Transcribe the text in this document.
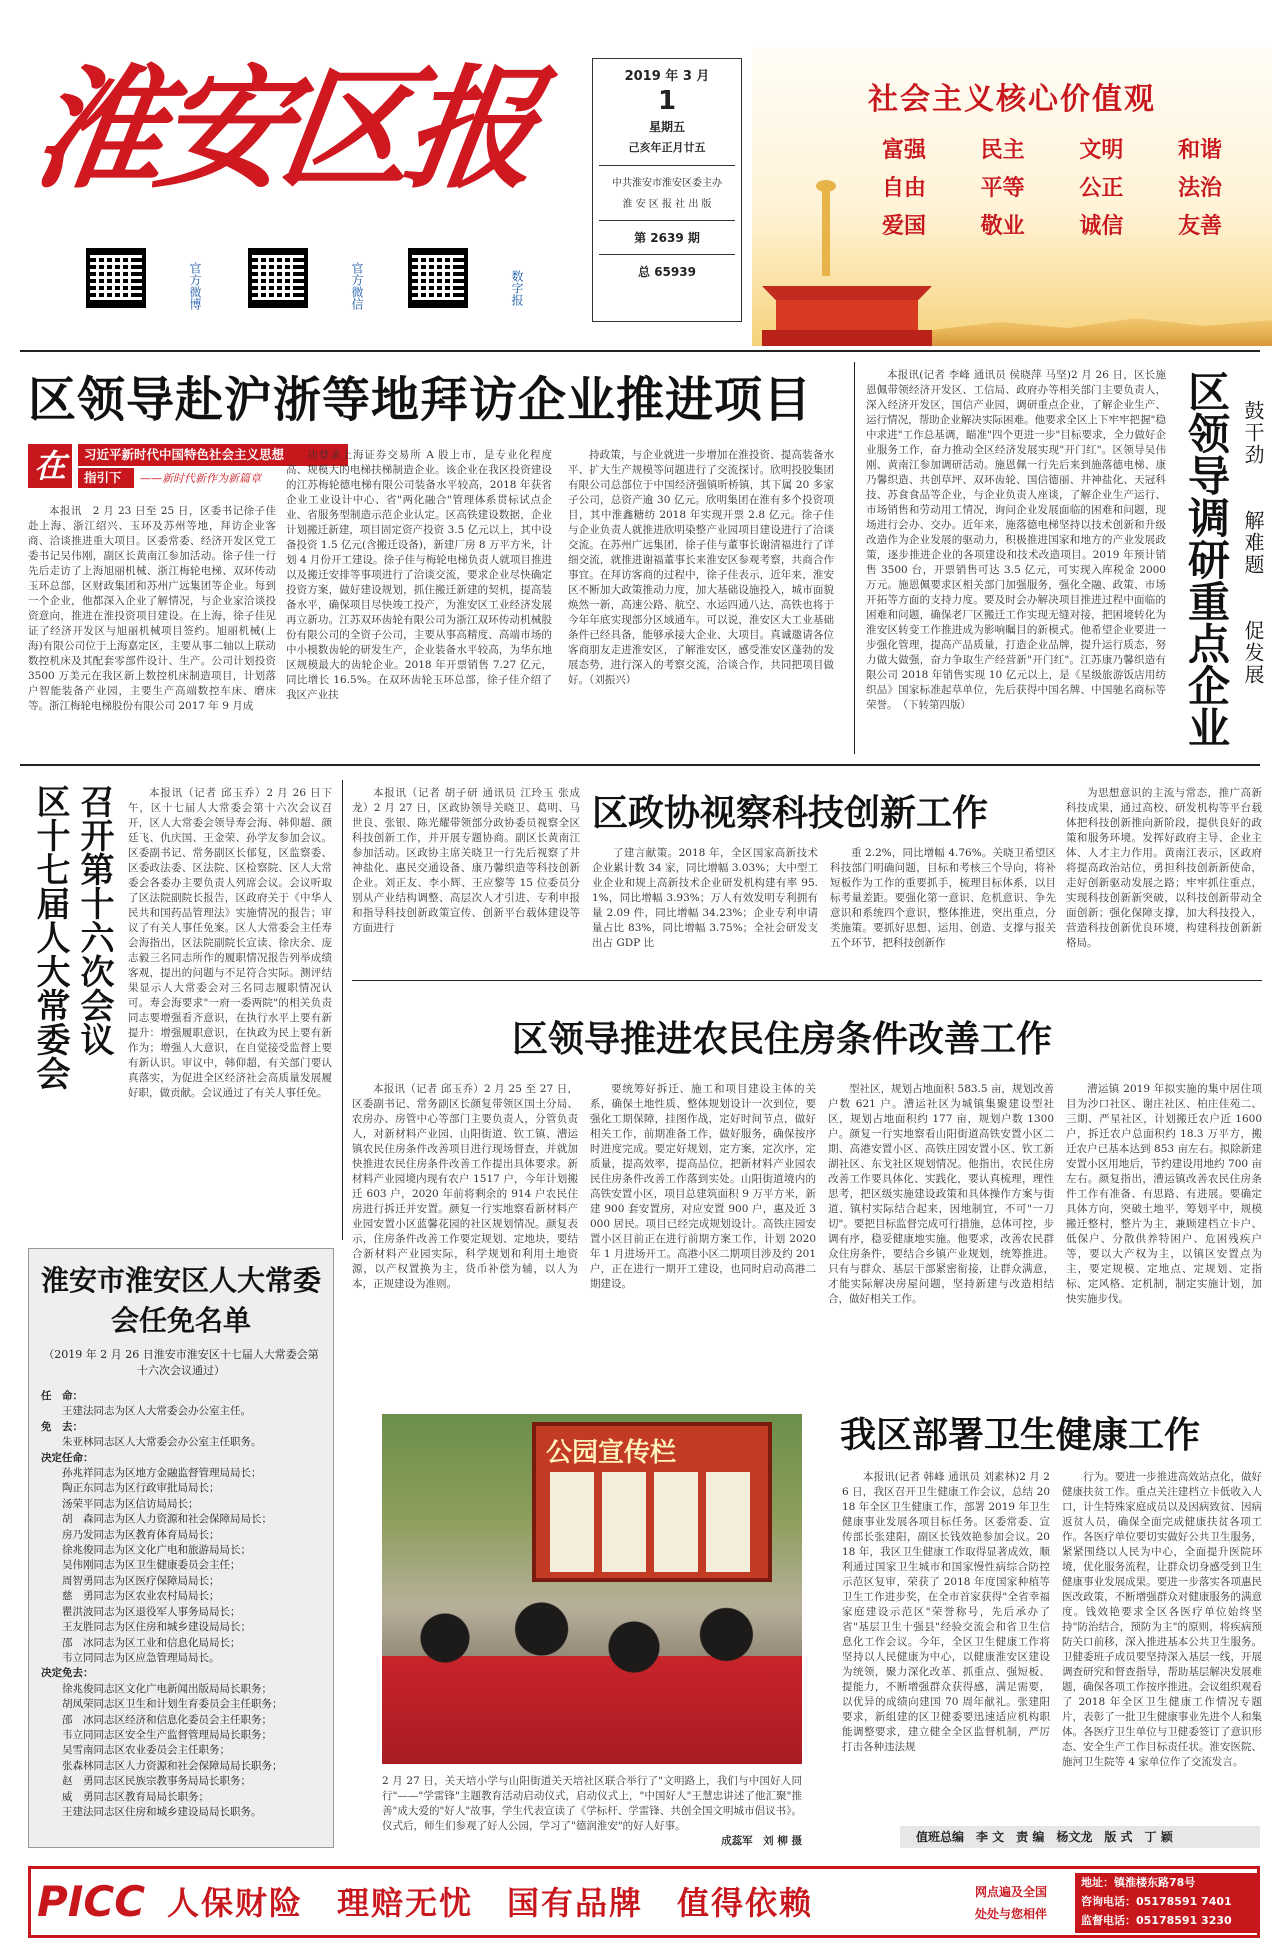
淮安区报
官方微博	官方微信	数字报
2019 年 3 月
1
星期五
己亥年正月廿五
中共淮安市淮安区委主办
淮 安 区 报 社 出 版
第 2639 期
总 65939
社会主义核心价值观
富强 民主 文明 和谐
自由 平等 公正 法治
爱国 敬业 诚信 友善
区领导赴沪浙等地拜访企业推进项目
在	习近平新时代中国特色社会主义思想
指引下	——新时代新作为新篇章

本报讯　2 月 23 日至 25 日，区委书记徐子佳赴上海、浙江绍兴、玉环及苏州等地，拜访企业客商、洽谈推进重大项目。区委常委、经济开发区党工委书记吴伟刚，副区长黄南江参加活动。徐子佳一行先后走访了上海旭丽机械、浙江梅轮电梯、双环传动玉环总部，区财政集团和苏州广远集团等企业。每到一个企业，他都深入企业了解情况，与企业家洽谈投资意向，推进在淮投资项目建设。在上海，徐子佳见证了经济开发区与旭丽机械项目签约。旭丽机械(上海)有限公司位于上海嘉定区，主要从事二轴以上联动数控机床及其配套零部件设计、生产。公司计划投资 3500 万美元在我区新上数控机床制造项目，计划落户智能装备产业园，主要生产高端数控车床、磨床等。浙江梅轮电梯股份有限公司 2017 年 9 月成

功登录上海证券交易所 A 股上市，是专业化程度高、规模大的电梯扶梯制造企业。该企业在我区投资建设的江苏梅轮德电梯有限公司装备水平较高，2018 年获省企业工业设计中心、省"两化融合"管理体系贯标试点企业、省服务型制造示范企业认定。区高铁建设数据，企业计划搬迁新建，项目固定资产投资 3.5 亿元以上，其中设备投资 1.5 亿元(含搬迁设备)，新建厂房 8 万平方米，计划 4 月份开工建设。徐子佳与梅轮电梯负责人就项目推进以及搬迁安排等事项进行了洽谈交流，要求企业尽快确定投资方案，做好建设规划，抓住搬迁新建的契机，提高装备水平，确保项目尽快竣工投产，为淮安区工业经济发展再立新功。江苏双环齿轮有限公司为浙江双环传动机械股份有限公司的全资子公司，主要从事高精度、高端市场的中小模数齿轮的研发生产，企业装备水平较高，为华东地区规模最大的齿轮企业。2018 年开票销售 7.27 亿元，同比增长 16.5%。在双环齿轮玉环总部，徐子佳介绍了我区产业扶

持政策，与企业就进一步增加在淮投资、提高装备水平、扩大生产规模等问题进行了交流探讨。欣明投胶集团有限公司总部位于中国经济强镇昕桥镇，其下属 20 多家子公司，总资产逾 30 亿元。欣明集团在淮有多个投资项目，其中淮鑫糖纺 2018 年实现开票 2.8 亿元。徐子佳与企业负责人就推进欣明染整产业园项目建设进行了洽谈交流。在苏州广远集团，徐子佳与董事长谢清福进行了详细交流，就推进谢福董事长来淮安区参观考察，共商合作事宜。在拜访客商的过程中，徐子佳表示，近年来，淮安区不断加大政策推动力度，加大基础设施投入，城市面貌焕然一新，高速公路、航空、水运四通八达，高铁也将于今年年底实现部分区域通车。可以说，淮安区大工业基础条件已经具备，能够承接大企业、大项目。真诚邀请各位客商朋友走进淮安区，了解淮安区，感受淮安区蓬勃的发展态势，进行深入的考察交流，洽谈合作，共同把项目做好。（刘振兴）

本报讯(记者 李峰 通讯员 侯晓萍 马坚)2 月 26 日，区长施恩佩带领经济开发区、工信局、政府办等相关部门主要负责人，深入经济开发区，国信产业园，调研重点企业，了解企业生产、运行情况，帮助企业解决实际困难。他要求全区上下牢牢把握"稳中求进"工作总基调，瞄准"四个更进一步"目标要求，全力做好企业服务工作，奋力推动全区经济发展实现"开门红"。区领导吴伟刚、黄南江参加调研活动。施恩佩一行先后来到施落德电梯、康乃馨织造、共创草坪、双环齿轮、国信德丽、井神盐化、天冠科技、苏食食品等企业，与企业负责人座谈，了解企业生产运行、市场销售和劳动用工情况，询问企业发展面临的困难和问题，现场进行会办、交办。近年来，施落德电梯坚持以技术创新和升级改造作为企业发展的驱动力，积极推进国家和地方的产业发展政策，逐步推进企业的各项建设和技术改造项目。2019 年预计销售 3500 台，开票销售可达 3.5 亿元，可实现入库税金 2000 万元。施恩佩要求区相关部门加强服务，强化全融、政策、市场开拓等方面的支持力度。要及时会办解决项目推进过程中面临的困难和问题，确保老厂区搬迁工作实现无缝对接，把困境转化为淮安区转变工作推进成为影响瞩目的新模式。他希望企业要进一步强化管理，提高产品质量，打造企业品牌，提升运行质态，努力做大做强，奋力争取生产经营新"开门红"。江苏康乃馨织造有限公司 2018 年销售实现 10 亿元以上，是《星级旅游饭店用纺织品》国家标准起草单位，先后获得中国名牌、中国驰名商标等荣誉。　（下转第四版）	区领导调研重点企业 鼓干劲
解难题
促发展
区十七届人大常委会 召开第十六次会议	本报讯（记者 邱玉乔）2 月 26 日下午，区十七届人大常委会第十六次会议召开，区人大常委会领导寿会海、韩仰超、颜廷飞、仇庆国、王金荣、孙学友参加会议。区委副书记、常务副区长郁复，区监察委、区委政法委、区法院、区检察院、区人大常委会各委办主要负责人列席会议。会议听取了区法院副院长报告，区政府关于《中华人民共和国药品管理法》实施情况的报告；审议了有关人事任免案。区人大常委会主任寿会海指出，区法院副院长宣读、徐庆余、庞志毅三名同志所作的履职情况报告列举成绩客观，提出的问题与不足符合实际。测评结果显示人大常委会对三名同志履职情况认可。寿会海要求"一府一委两院"的相关负责同志要增强看齐意识，在执行水平上要有新提升：增强履职意识，在执政为民上要有新作为；增强人大意识，在自觉接受监督上要有新认识。审议中，韩仰超，有关部门要认真落实，为促进全区经济社会高质量发展履好职，做贡献。会议通过了有关人事任免。

区政协视察科技创新工作

本报讯（记者 胡子研 通讯员 江玲玉 张成龙）2 月 27 日，区政协领导关晓卫、葛明、马世良、张银、陈光耀带领部分政协委员视察全区科技创新工作，并开展专题协商。副区长黄南江参加活动。区政协主席关晓卫一行先后视察了井神盐化、惠民交通设备、康乃馨织造等科技创新企业。刘正友、李小辉、王应黎等 15 位委员分别从产业结构调整、高层次人才引进、专利申报和指导科技创新政策宣传、创新平台载体建设等方面进行

了建言献策。2018 年，全区国家高新技术企业累计数 34 家，同比增幅 3.03%；大中型工业企业和规上高新技术企业研发机构建有率 95.1%，同比增幅 3.93%；万人有效发明专利拥有量 2.09 件，同比增幅 34.23%；企业专利申请量占比 83%，同比增幅 3.75%；全社会研发支出占 GDP 比

重 2.2%，同比增幅 4.76%。关晓卫希望区科技部门明确问题，目标和考核三个导向，将补短板作为工作的重要抓手，梳理目标体系，以目标考量差距。要强化第一意识、危机意识、争先意识和系统四个意识，整体推进，突出重点，分类施策。要抓好思想、运用、创造、支撑与报关五个环节，把科技创新作

为思想意识的主流与常态，推广高新科技成果，通过高校、研发机构等平台载体把科技创新推向新阶段，提供良好的政策和服务环境。发挥好政府主导、企业主体、人才主力作用。黄南江表示，区政府将提高政治站位，勇担科技创新新使命，走好创新驱动发展之路；牢牢抓住重点，实现科技创新新突破，以科技创新带动全面创新；强化保障支撑，加大科技投入，营造科技创新优良环境，构建科技创新新格局。

区领导推进农民住房条件改善工作

本报讯（记者 邱玉乔）2 月 25 至 27 日，区委副书记、常务副区长颜复带领区国土分局、农房办、房管中心等部门主要负责人，分管负责人，对新材料产业园、山阳街道、钦工镇、漕运镇农民住房条件改善项目进行现场督查，并就加快推进农民住房条件改善工作提出具体要求。新材料产业园境内现有农户 1517 户，今年计划搬迁 603 户，2020 年前将剩余的 914 户农民住房进行拆迁并安置。颜复一行实地察看新材料产业园安置小区蓝馨花园的社区规划情况。颜复表示，住房条件改善工作要定规划、定地块，要结合新材料产业园实际，科学规划和利用土地资源，以产权置换为主，货币补偿为辅，以人为本，正规建设为准则。

要统筹好拆迁、施工和项目建设主体的关系，确保土地性质、整体规划设计一次到位，要强化工期保障，挂图作战，定好时间节点，做好相关工作，前期准备工作，做好服务，确保按序时进度完成。要定好规划，定方案，定次序，定质量，提高效率，提高品位，把新材料产业园农民住房条件改善工作落到实处。山阳街道境内的高铁安置小区，项目总建筑面积 9 万平方米，新建 900 套安置房，对应安置 900 户，惠及近 3000 居民。项目已经完成规划设计。高铁庄园安置小区目前正在进行前期方案工作，计划 2020 年 1 月进场开工。高港小区二期项目涉及约 201 户，正在进行一期开工建设，也同时启动高港二期建设。

型社区，规划占地面积 583.5 亩，规划改善户数 621 户。漕运社区为城镇集聚建设型社区，规划占地面积约 177 亩，规划户数 1300 户。颜复一行实地察看山阳街道高铁安置小区二期、高港安置小区、高铁庄园安置小区、钦工新湖社区、东戈社区规划情况。他指出，农民住房改善工作要具体化、实践化，要认真梳理，理性思考，把区级实施建设政策和具体操作方案与街道、镇村实际结合起来，因地制宜，不可"一刀切"。要把目标监督完成可行措施，总体可控，步调有序，稳妥健康地实施。他要求，改善农民群众住房条件，要结合乡镇产业规划，统筹推进。只有与群众、基层干部紧密衔接，让群众满意，才能实际解决房屋问题，坚持新建与改造相结合，做好相关工作。

漕运镇 2019 年拟实施的集中居住项目为沙口社区、谢庄社区、柏庄佳苑二、三期、严星社区，计划搬迁农户近 1600 户，拆迁农户总面积约 18.3 万平方，搬迁农户已基本达到 853 亩左右。拟除新建安置小区用地后，节约建设用地约 700 亩左右。颜复指出，漕运镇改善农民住房条件工作有准备、有思路、有进展。要确定具体方向，突破土地平，筹划平中，规模搬迁整村，整片为主，兼顾建档立卡户、低保户、分散供养特困户、危困残疾户等，要以大产权为主，以镇区安置点为主，要定规模、定地点、定规划、定指标、定风格、定机制，制定实施计划，加快实施步伐。

淮安市淮安区人大常委会任免名单
（2019 年 2 月 26 日淮安市淮安区十七届人大常委会第十六次会议通过）
任　命：
王建法同志为区人大常委会办公室主任。
免　去：
朱亚林同志区人大常委会办公室主任职务。
决定任命：
孙兆祥同志为区地方金融监督管理局局长；
陶正东同志为区行政审批局局长；
汤荣平同志为区信访局局长；
胡　森同志为区人力资源和社会保障局局长；
房乃发同志为区教育体育局局长；
徐兆俊同志为区文化广电和旅游局局长；
吴伟刚同志为区卫生健康委员会主任；
周智勇同志为区医疗保障局局长；
慈　勇同志为区农业农村局局长；
瞿洪波同志为区退役军人事务局局长；
王友胜同志为区住房和城乡建设局局长；
邵　冰同志为区工业和信息化局局长；
韦立同同志为区应急管理局局长。
决定免去：
徐兆俊同志区文化广电新闻出版局局长职务；
胡凤荣同志区卫生和计划生育委员会主任职务；
邵　冰同志区经济和信息化委员会主任职务；
韦立同同志区安全生产监督管理局局长职务；
吴雪南同志区农业委员会主任职务；
张森林同志区人力资源和社会保障局局长职务；
赵　勇同志区民族宗教事务局局长职务；
威　勇同志区教育局局长职务；
王建法同志区住房和城乡建设局局长职务。
公园宣传栏
2 月 27 日，关天培小学与山阳街道关天培社区联合举行了"文明路上，我们与中国好人同行"——"学雷锋"主题教育活动启动仪式，启动仪式上，"中国好人"王慧忠讲述了他汇聚"推善"成大爱的"好人"故事，学生代表宣读了《学标杆、学雷锋、共创全国文明城市倡议书》。仪式后，师生们参观了好人公园，学习了"德润淮安"的好人好事。
成蕊军　刘 柳 摄
我区部署卫生健康工作

本报讯(记者 韩峰 通讯员 刘素林)2 月 26 日，我区召开卫生健康工作会议，总结 2018 年全区卫生健康工作，部署 2019 年卫生健康事业发展各项目标任务。区委常委、宣传部长张建阳，副区长钱效艳参加会议。2018 年，我区卫生健康工作取得显著成效，顺利通过国家卫生城市和国家慢性病综合防控示范区复审，荣获了 2018 年度国家种植等卫生工作进步奖，在全市首家获得"全省幸福家庭建设示范区"荣誉称号，先后承办了省"基层卫生十强县"经验交流会和省卫生信息化工作会议。今年，全区卫生健康工作将坚持以人民健康为中心，以健康淮安区建设为统领，聚力深化改革、抓重点、强短板、提能力，不断增强群众获得感，满足需要，以优异的成绩向建国 70 周年献礼。张建阳要求，新组建的区卫健委要迅速适应机构职能调整要求，建立健全全区监督机制，严厉打击各种违法规

行为。要进一步推进高效站点化，做好健康扶贫工作。重点关注建档立卡低收入人口，计生特殊家庭成员以及因病致贫、因病返贫人员，确保全面完成健康扶贫各项工作。各医疗单位要切实做好公共卫生服务，紧紧围绕以人民为中心，全面提升医院环境，优化服务流程，让群众切身感受到卫生健康事业发展成果。要进一步落实各项惠民医改政策，不断增强群众对健康服务的满意度。钱效艳要求全区各医疗单位始终坚持"防治结合，预防为主"的原则，将疾病预防关口前移，深入推进基本公共卫生服务。卫健委班子成员要坚持深入基层一线，开展调查研究和督查指导，帮助基层解决发展难题，确保各项工作按序推进。会议组织观看了 2018 年全区卫生健康工作情况专题片，表彰了一批卫生健康事业先进个人和集体。各医疗卫生单位与卫健委签订了意识形态、安全生产工作目标责任状。淮安医院、施河卫生院等 4 家单位作了交流发言。

值班总编　李 文　责 编　杨文龙　版 式　丁 颖
PICC 人保财险　理赔无忧　国有品牌　值得依赖	网点遍及全国
处处与您相伴
地址：镇淮楼东路78号
咨询电话：05178591 7401
监督电话：05178591 3230
